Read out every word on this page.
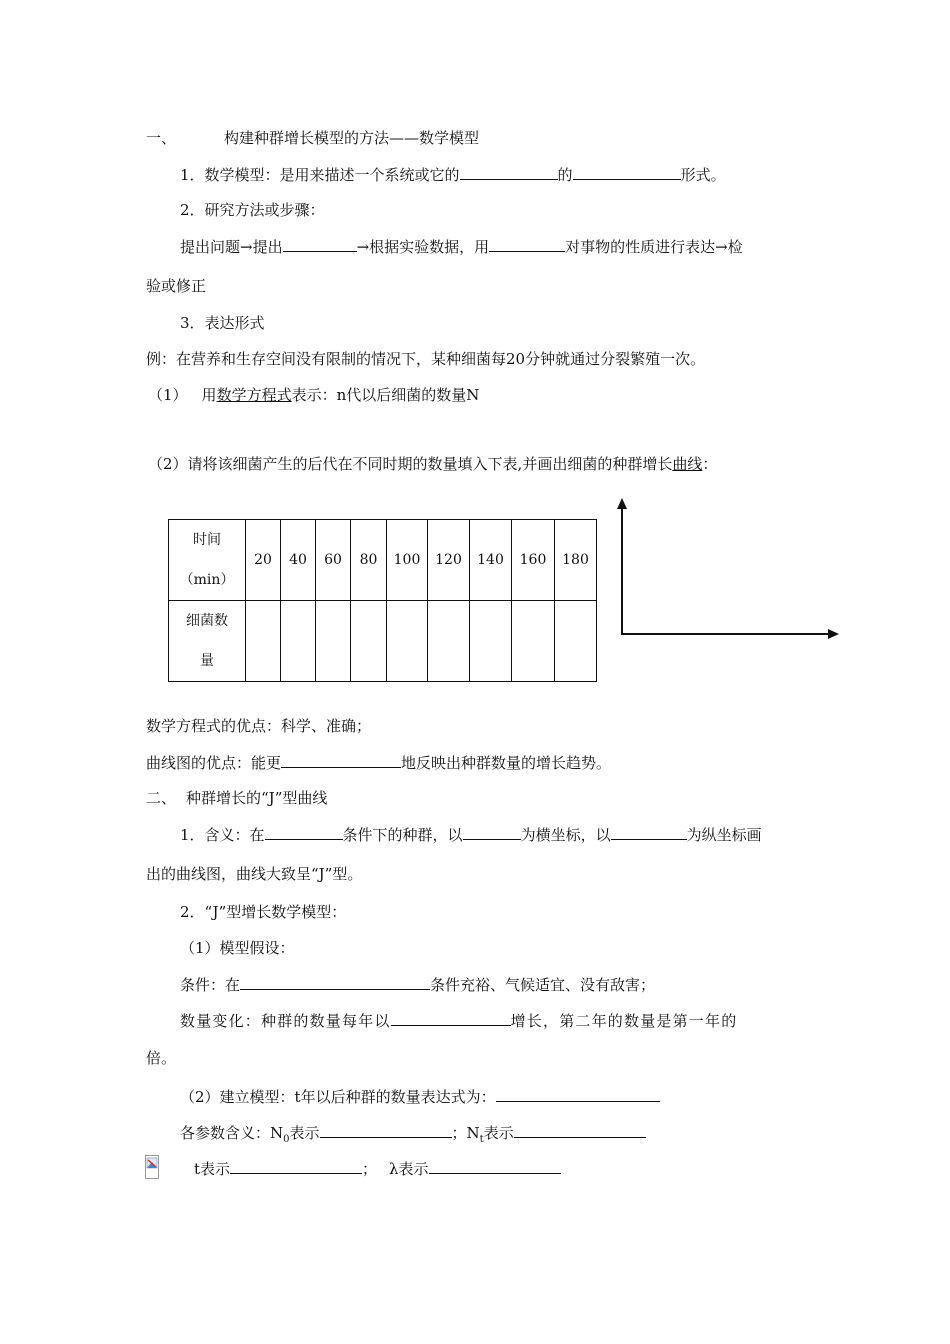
一、	构建种群增长模型的方法——数学模型
1．数学模型：是用来描述一个系统或它的	的	形式。
2．研究方法或步骤：
提出问题→提出	→根据实验数据，用	对事物的性质进行表达→检
验或修正
3．表达形式
例：在营养和生存空间没有限制的情况下，某种细菌每20分钟就通过分裂繁殖一次。
（1） 用数学方程式表示：n代以后细菌的数量N
（2）请将该细菌产生的后代在不同时期的数量填入下表,并画出细菌的种群增长曲线：
时间
（min）	20	40	60	80	100	120	140	160	180

细菌数
量									

数学方程式的优点：科学、准确；
曲线图的优点：能更	地反映出种群数量的增长趋势。
二、 种群增长的“J”型曲线
1．含义：在	条件下的种群，以	为横坐标，以	为纵坐标画
出的曲线图，曲线大致呈“J”型。
2．“J”型增长数学模型：
（1）模型假设：
条件：在	条件充裕、气候适宜、没有敌害；
数量变化：种群的数量每年以	增长，第二年的数量是第一年的
倍。
（2）建立模型：t年以后种群的数量表达式为：
各参数含义：$N_0$表示	；$N_t$表示
t表示	； λ表示
